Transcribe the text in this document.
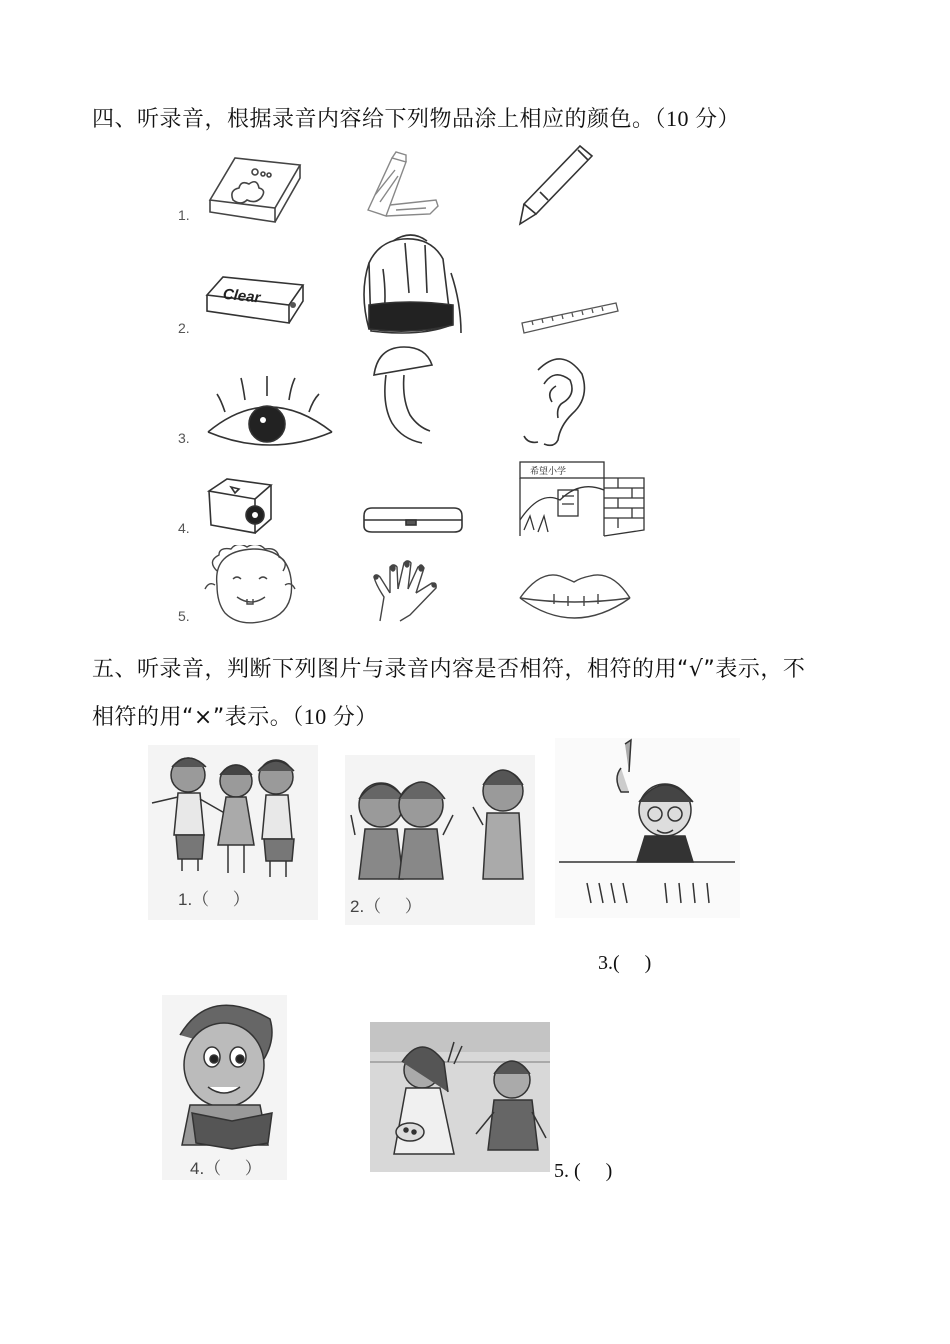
四、听录音，根据录音内容给下列物品涂上相应的颜色。（10 分）
1.
2.
3.
4.
5.
Clear
希望小学
五、听录音，判断下列图片与录音内容是否相符，相符的用“√”表示，不
相符的用“×”表示。（10 分）
1.（     ）	2.（     ）
3.(     )
4.（     ）	5. (     )
